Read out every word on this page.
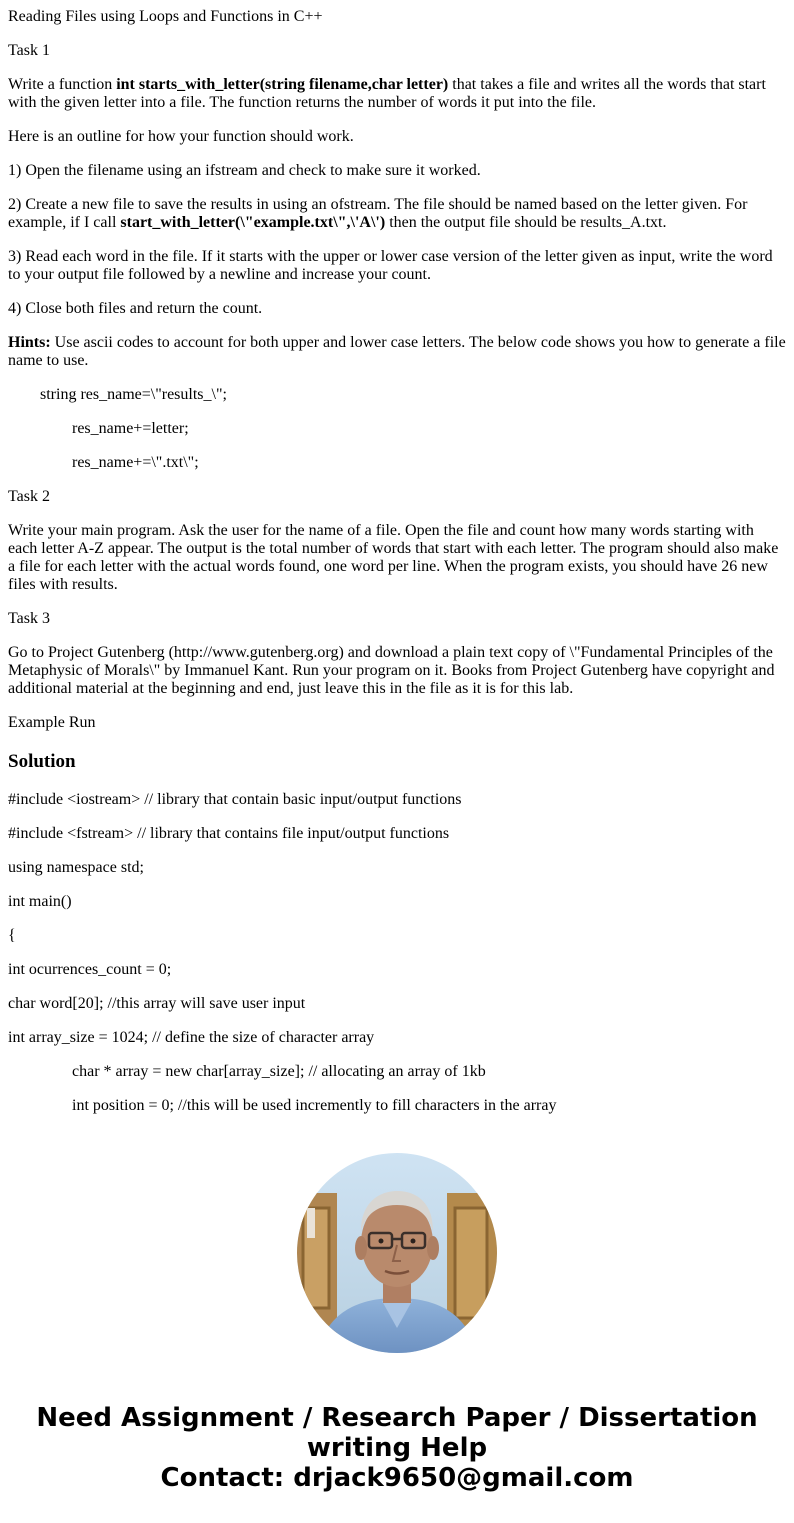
Reading Files using Loops and Functions in C++

Task 1

Write a function int starts_with_letter(string filename,char letter) that takes a file and writes all the words that start

with the given letter into a file. The function returns the number of words it put into the file.

Here is an outline for how your function should work.

1) Open the filename using an ifstream and check to make sure it worked.

2) Create a new file to save the results in using an ofstream. The file should be named based on the letter given. For

example, if I call start_with_letter(\"example.txt\",\'A\') then the output file should be results_A.txt.

3) Read each word in the file. If it starts with the upper or lower case version of the letter given as input, write the word

to your output file followed by a newline and increase your count.

4) Close both files and return the count.

Hints: Use ascii codes to account for both upper and lower case letters. The below code shows you how to generate a file

name to use.

string res_name=\"results_\";

res_name+=letter;

res_name+=\".txt\";

Task 2

Write your main program. Ask the user for the name of a file. Open the file and count how many words starting with

each letter A-Z appear. The output is the total number of words that start with each letter. The program should also make

a file for each letter with the actual words found, one word per line. When the program exists, you should have 26 new

files with results.

Task 3

Go to Project Gutenberg (http://www.gutenberg.org) and download a plain text copy of \"Fundamental Principles of the

Metaphysic of Morals\" by Immanuel Kant. Run your program on it. Books from Project Gutenberg have copyright and

additional material at the beginning and end, just leave this in the file as it is for this lab.

Example Run

Solution

#include <iostream> // library that contain basic input/output functions

#include <fstream> // library that contains file input/output functions

using namespace std;

int main()

{

int ocurrences_count = 0;

char word[20]; //this array will save user input

int array_size = 1024; // define the size of character array

char * array = new char[array_size]; // allocating an array of 1kb

int position = 0; //this will be used incremently to fill characters in the array

Need Assignment / Research Paper / Dissertation
writing Help
Contact: drjack9650@gmail.com
